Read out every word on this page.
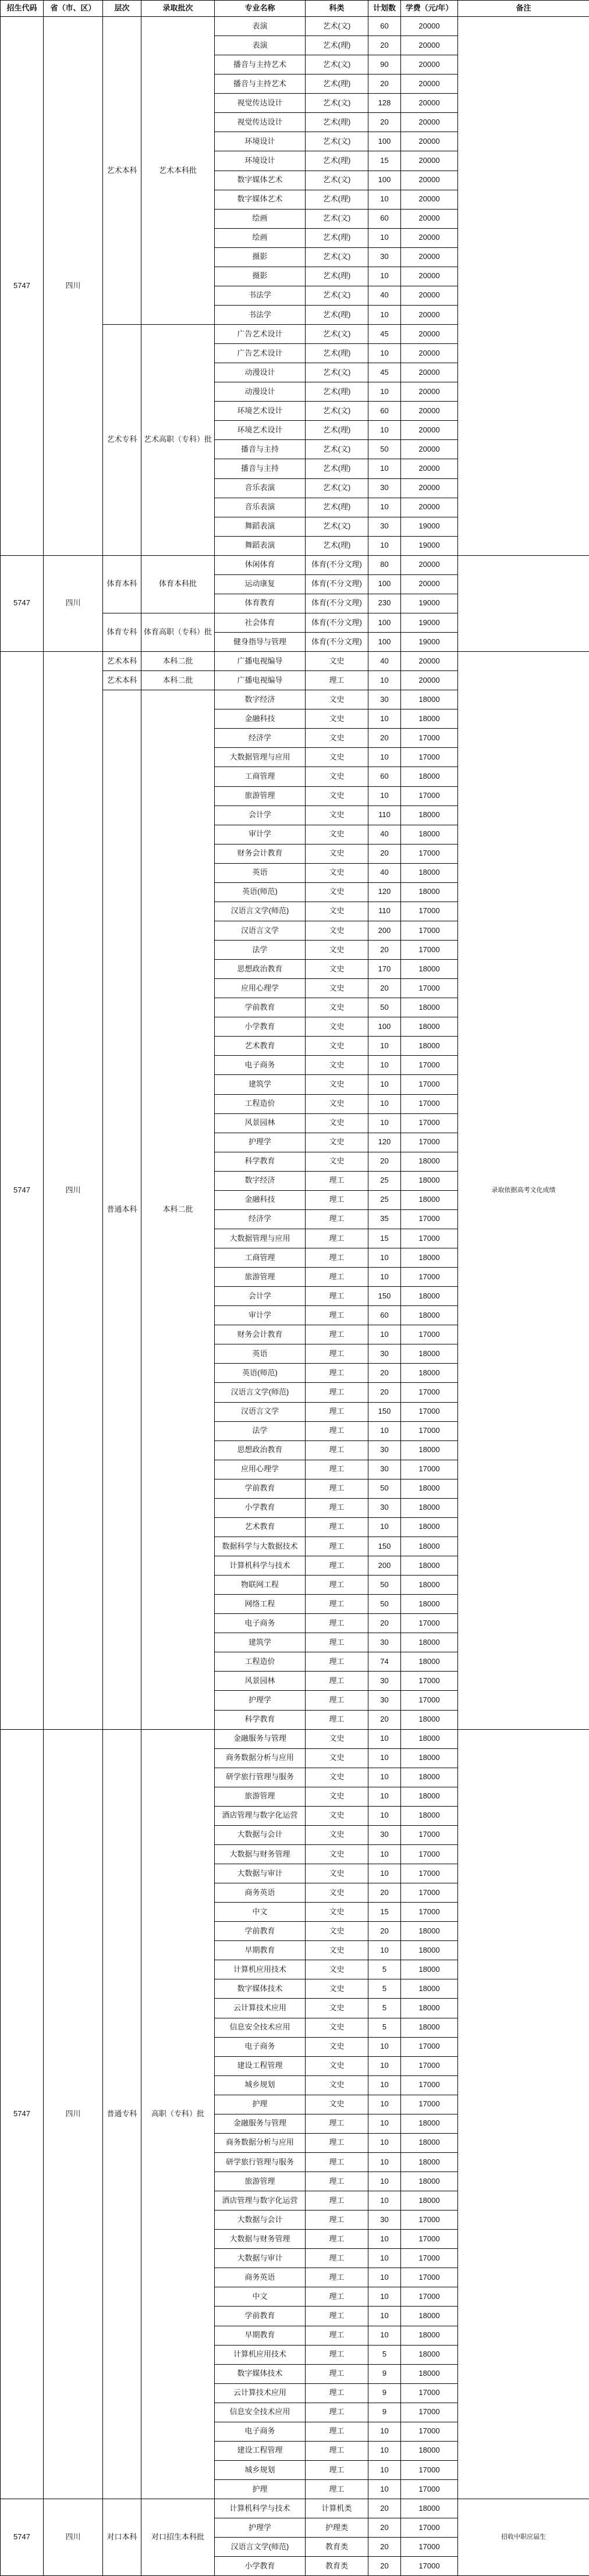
招生代码	省（市、区）	层次	录取批次	专业名称	科类	计划数	学费（元/年）	备注
5747	四川	艺术本科	艺术本科批	表演	艺术(文)	60	20000	
				表演	艺术(理)	20	20000	
				播音与主持艺术	艺术(文)	90	20000	
				播音与主持艺术	艺术(理)	20	20000	
				视觉传达设计	艺术(文)	128	20000	
				视觉传达设计	艺术(理)	20	20000	
				环境设计	艺术(文)	100	20000	
				环境设计	艺术(理)	15	20000	
				数字媒体艺术	艺术(文)	100	20000	
				数字媒体艺术	艺术(理)	10	20000	
				绘画	艺术(文)	60	20000	
				绘画	艺术(理)	10	20000	
				摄影	艺术(文)	30	20000	
				摄影	艺术(理)	10	20000	
				书法学	艺术(文)	40	20000	
				书法学	艺术(理)	10	20000	
		艺术专科	艺术高职（专科）批	广告艺术设计	艺术(文)	45	20000	
				广告艺术设计	艺术(理)	10	20000	
				动漫设计	艺术(文)	45	20000	
				动漫设计	艺术(理)	10	20000	
				环境艺术设计	艺术(文)	60	20000	
				环境艺术设计	艺术(理)	10	20000	
				播音与主持	艺术(文)	50	20000	
				播音与主持	艺术(理)	10	20000	
				音乐表演	艺术(文)	30	20000	
				音乐表演	艺术(理)	10	20000	
				舞蹈表演	艺术(文)	30	19000	
				舞蹈表演	艺术(理)	10	19000	
5747	四川	体育本科	体育本科批	休闲体育	体育(不分文理)	80	20000	
				运动康复	体育(不分文理)	100	20000	
				体育教育	体育(不分文理)	230	19000	
		体育专科	体育高职（专科）批	社会体育	体育(不分文理)	100	19000	
				健身指导与管理	体育(不分文理)	100	19000	
5747	四川	艺术本科	本科二批	广播电视编导	文史	40	20000	录取依据高考文化成绩
		艺术本科	本科二批	广播电视编导	理工	10	20000	
		普通本科	本科二批	数字经济	文史	30	18000	
				金融科技	文史	10	18000	
				经济学	文史	20	17000	
				大数据管理与应用	文史	10	17000	
				工商管理	文史	60	18000	
				旅游管理	文史	10	17000	
				会计学	文史	110	18000	
				审计学	文史	40	18000	
				财务会计教育	文史	20	17000	
				英语	文史	40	18000	
				英语(师范)	文史	120	18000	
				汉语言文学(师范)	文史	110	17000	
				汉语言文学	文史	200	17000	
				法学	文史	20	17000	
				思想政治教育	文史	170	18000	
				应用心理学	文史	20	17000	
				学前教育	文史	50	18000	
				小学教育	文史	100	18000	
				艺术教育	文史	10	18000	
				电子商务	文史	10	17000	
				建筑学	文史	10	17000	
				工程造价	文史	10	17000	
				风景园林	文史	10	17000	
				护理学	文史	120	17000	
				科学教育	文史	20	18000	
				数字经济	理工	25	18000	
				金融科技	理工	25	18000	
				经济学	理工	35	17000	
				大数据管理与应用	理工	15	17000	
				工商管理	理工	10	18000	
				旅游管理	理工	10	17000	
				会计学	理工	150	18000	
				审计学	理工	60	18000	
				财务会计教育	理工	10	17000	
				英语	理工	30	18000	
				英语(师范)	理工	20	18000	
				汉语言文学(师范)	理工	20	17000	
				汉语言文学	理工	150	17000	
				法学	理工	10	17000	
				思想政治教育	理工	30	18000	
				应用心理学	理工	30	17000	
				学前教育	理工	50	18000	
				小学教育	理工	30	18000	
				艺术教育	理工	10	18000	
				数据科学与大数据技术	理工	150	18000	
				计算机科学与技术	理工	200	18000	
				物联网工程	理工	50	18000	
				网络工程	理工	50	18000	
				电子商务	理工	20	17000	
				建筑学	理工	30	18000	
				工程造价	理工	74	18000	
				风景园林	理工	30	17000	
				护理学	理工	30	17000	
				科学教育	理工	20	18000	
5747	四川	普通专科	高职（专科）批	金融服务与管理	文史	10	18000	
				商务数据分析与应用	文史	10	18000	
				研学旅行管理与服务	文史	10	18000	
				旅游管理	文史	10	18000	
				酒店管理与数字化运营	文史	10	18000	
				大数据与会计	文史	30	17000	
				大数据与财务管理	文史	10	17000	
				大数据与审计	文史	10	17000	
				商务英语	文史	20	17000	
				中文	文史	15	17000	
				学前教育	文史	20	18000	
				早期教育	文史	10	18000	
				计算机应用技术	文史	5	18000	
				数字媒体技术	文史	5	18000	
				云计算技术应用	文史	5	18000	
				信息安全技术应用	文史	5	18000	
				电子商务	文史	10	17000	
				建设工程管理	文史	10	17000	
				城乡规划	文史	10	17000	
				护理	文史	10	17000	
				金融服务与管理	理工	10	18000	
				商务数据分析与应用	理工	10	18000	
				研学旅行管理与服务	理工	10	18000	
				旅游管理	理工	10	18000	
				酒店管理与数字化运营	理工	10	18000	
				大数据与会计	理工	30	17000	
				大数据与财务管理	理工	10	17000	
				大数据与审计	理工	10	17000	
				商务英语	理工	10	17000	
				中文	理工	10	17000	
				学前教育	理工	10	18000	
				早期教育	理工	10	18000	
				计算机应用技术	理工	5	18000	
				数字媒体技术	理工	9	18000	
				云计算技术应用	理工	9	17000	
				信息安全技术应用	理工	9	17000	
				电子商务	理工	10	17000	
				建设工程管理	理工	10	18000	
				城乡规划	理工	10	17000	
				护理	理工	10	17000	
5747	四川	对口本科	对口招生本科批	计算机科学与技术	计算机类	20	18000	招收中职应届生
				护理学	护理类	20	17000	
				汉语言文学(师范)	教育类	20	17000	
				小学教育	教育类	20	17000	
